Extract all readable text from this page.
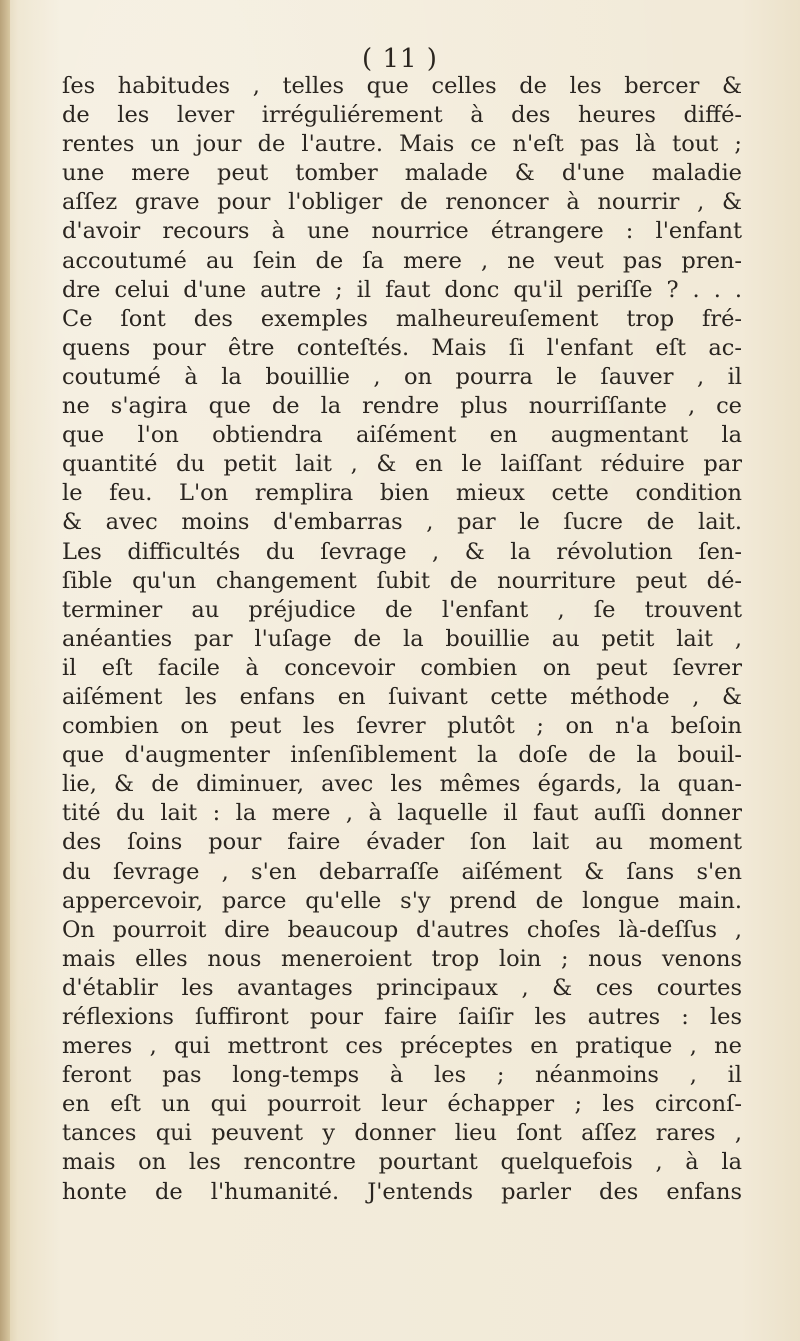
( 11 )
ſes habitudes , telles que celles de les bercer &
de les lever irréguliérement à des heures diffé-
rentes un jour de l'autre. Mais ce n'eſt pas là tout ;
une mere peut tomber malade & d'une maladie
aſſez grave pour l'obliger de renoncer à nourrir , &
d'avoir recours à une nourrice étrangere : l'enfant
accoutumé au ſein de ſa mere , ne veut pas pren-
dre celui d'une autre ; il faut donc qu'il periſſe ? . . .
Ce ſont des exemples malheureuſement trop fré-
quens pour être conteſtés. Mais ſi l'enfant eſt ac-
coutumé à la bouillie , on pourra le ſauver , il
ne s'agira que de la rendre plus nourriſſante , ce
que l'on obtiendra aiſément en augmentant la
quantité du petit lait , & en le laiſſant réduire par
le feu. L'on remplira bien mieux cette condition
& avec moins d'embarras , par le ſucre de lait.
Les difficultés du ſevrage , & la révolution ſen-
ſible qu'un changement ſubit de nourriture peut dé-
terminer au préjudice de l'enfant , ſe trouvent
anéanties par l'uſage de la bouillie au petit lait ,
il eſt facile à concevoir combien on peut ſevrer
aiſément les enfans en ſuivant cette méthode , &
combien on peut les ſevrer plutôt ; on n'a beſoin
que d'augmenter inſenſiblement la doſe de la bouil-
lie, & de diminuer, avec les mêmes égards, la quan-
tité du lait : la mere , à laquelle il faut auſſi donner
des ſoins pour faire évader ſon lait au moment
du ſevrage , s'en debarraſſe aiſément & ſans s'en
appercevoir, parce qu'elle s'y prend de longue main.
On pourroit dire beaucoup d'autres choſes là-deſſus ,
mais elles nous meneroient trop loin ; nous venons
d'établir les avantages principaux , & ces courtes
réflexions ſuffiront pour faire ſaiſir les autres : les
meres , qui mettront ces préceptes en pratique , ne
feront pas long-temps à les ; néanmoins , il
en eſt un qui pourroit leur échapper ; les circonſ-
tances qui peuvent y donner lieu ſont aſſez rares ,
mais on les rencontre pourtant quelquefois , à la
honte de l'humanité. J'entends parler des enfans
